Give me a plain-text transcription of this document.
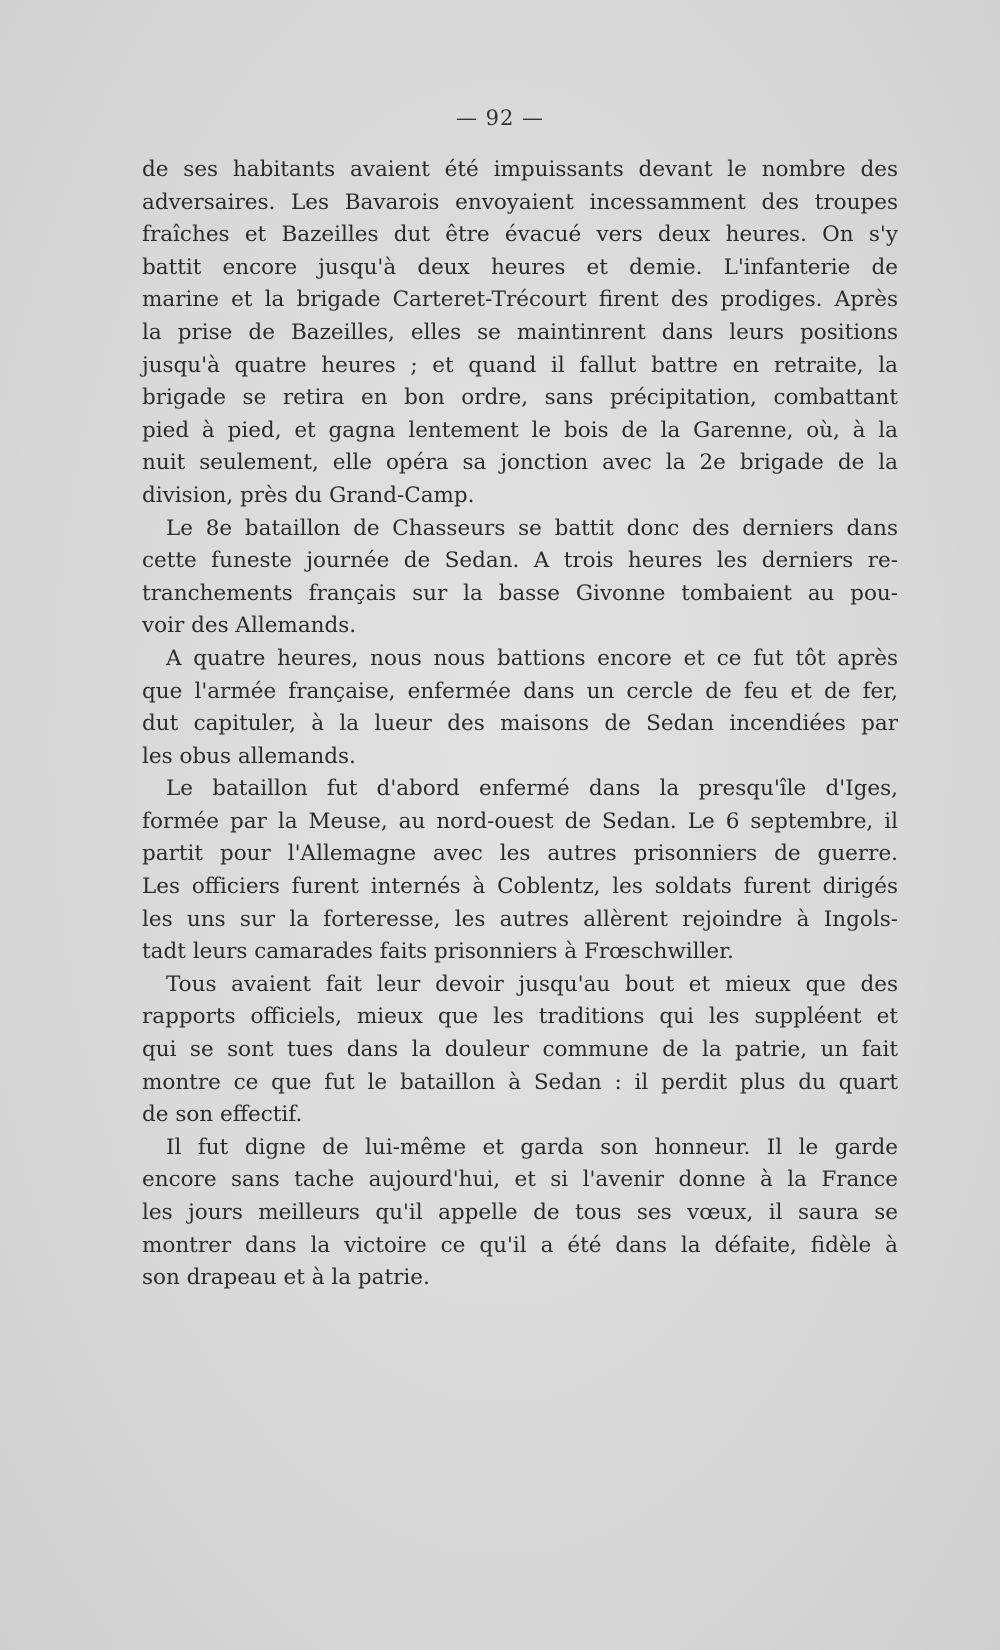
— 92 —
de ses habitants avaient été impuissants devant le nombre des
adversaires. Les Bavarois envoyaient incessamment des troupes
fraîches et Bazeilles dut être évacué vers deux heures. On s'y
battit encore jusqu'à deux heures et demie. L'infanterie de
marine et la brigade Carteret-Trécourt firent des prodiges. Après
la prise de Bazeilles, elles se maintinrent dans leurs positions
jusqu'à quatre heures ; et quand il fallut battre en retraite, la
brigade se retira en bon ordre, sans précipitation, combattant
pied à pied, et gagna lentement le bois de la Garenne, où, à la
nuit seulement, elle opéra sa jonction avec la 2e brigade de la
division, près du Grand-Camp.
Le 8e bataillon de Chasseurs se battit donc des derniers dans
cette funeste journée de Sedan. A trois heures les derniers re-
tranchements français sur la basse Givonne tombaient au pou-
voir des Allemands.
A quatre heures, nous nous battions encore et ce fut tôt après
que l'armée française, enfermée dans un cercle de feu et de fer,
dut capituler, à la lueur des maisons de Sedan incendiées par
les obus allemands.
Le bataillon fut d'abord enfermé dans la presqu'île d'Iges,
formée par la Meuse, au nord-ouest de Sedan. Le 6 septembre, il
partit pour l'Allemagne avec les autres prisonniers de guerre.
Les officiers furent internés à Coblentz, les soldats furent dirigés
les uns sur la forteresse, les autres allèrent rejoindre à Ingols-
tadt leurs camarades faits prisonniers à Frœschwiller.
Tous avaient fait leur devoir jusqu'au bout et mieux que des
rapports officiels, mieux que les traditions qui les suppléent et
qui se sont tues dans la douleur commune de la patrie, un fait
montre ce que fut le bataillon à Sedan : il perdit plus du quart
de son effectif.
Il fut digne de lui-même et garda son honneur. Il le garde
encore sans tache aujourd'hui, et si l'avenir donne à la France
les jours meilleurs qu'il appelle de tous ses vœux, il saura se
montrer dans la victoire ce qu'il a été dans la défaite, fidèle à
son drapeau et à la patrie.
